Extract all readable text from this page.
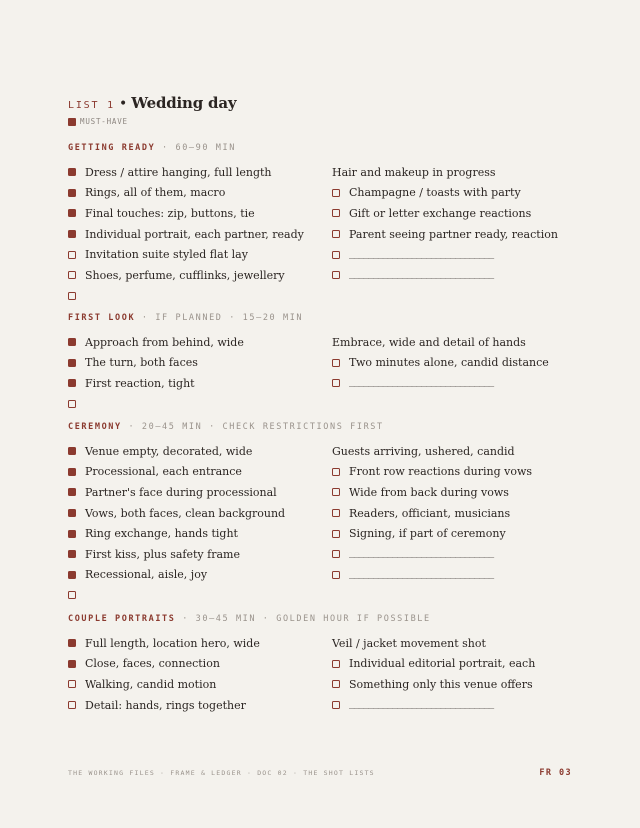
LIST 1 • Wedding day
MUST-HAVE
GETTING READY · 60–90 MIN
Dress / attire hanging, full length
Rings, all of them, macro
Final touches: zip, buttons, tie
Individual portrait, each partner, ready
Invitation suite styled flat lay
Shoes, perfume, cufflinks, jewellery
Hair and makeup in progress
Champagne / toasts with party
Gift or letter exchange reactions
Parent seeing partner ready, reaction
______________________________
______________________________
FIRST LOOK · IF PLANNED · 15–20 MIN
Approach from behind, wide
The turn, both faces
First reaction, tight
Embrace, wide and detail of hands
Two minutes alone, candid distance
______________________________
CEREMONY · 20–45 MIN · CHECK RESTRICTIONS FIRST
Venue empty, decorated, wide
Processional, each entrance
Partner's face during processional
Vows, both faces, clean background
Ring exchange, hands tight
First kiss, plus safety frame
Recessional, aisle, joy
Guests arriving, ushered, candid
Front row reactions during vows
Wide from back during vows
Readers, officiant, musicians
Signing, if part of ceremony
______________________________
______________________________
COUPLE PORTRAITS · 30–45 MIN · GOLDEN HOUR IF POSSIBLE
Full length, location hero, wide
Close, faces, connection
Walking, candid motion
Detail: hands, rings together
Veil / jacket movement shot
Individual editorial portrait, each
Something only this venue offers
______________________________
THE WORKING FILES · FRAME & LEDGER · DOC 02 · THE SHOT LISTS	FR 03
